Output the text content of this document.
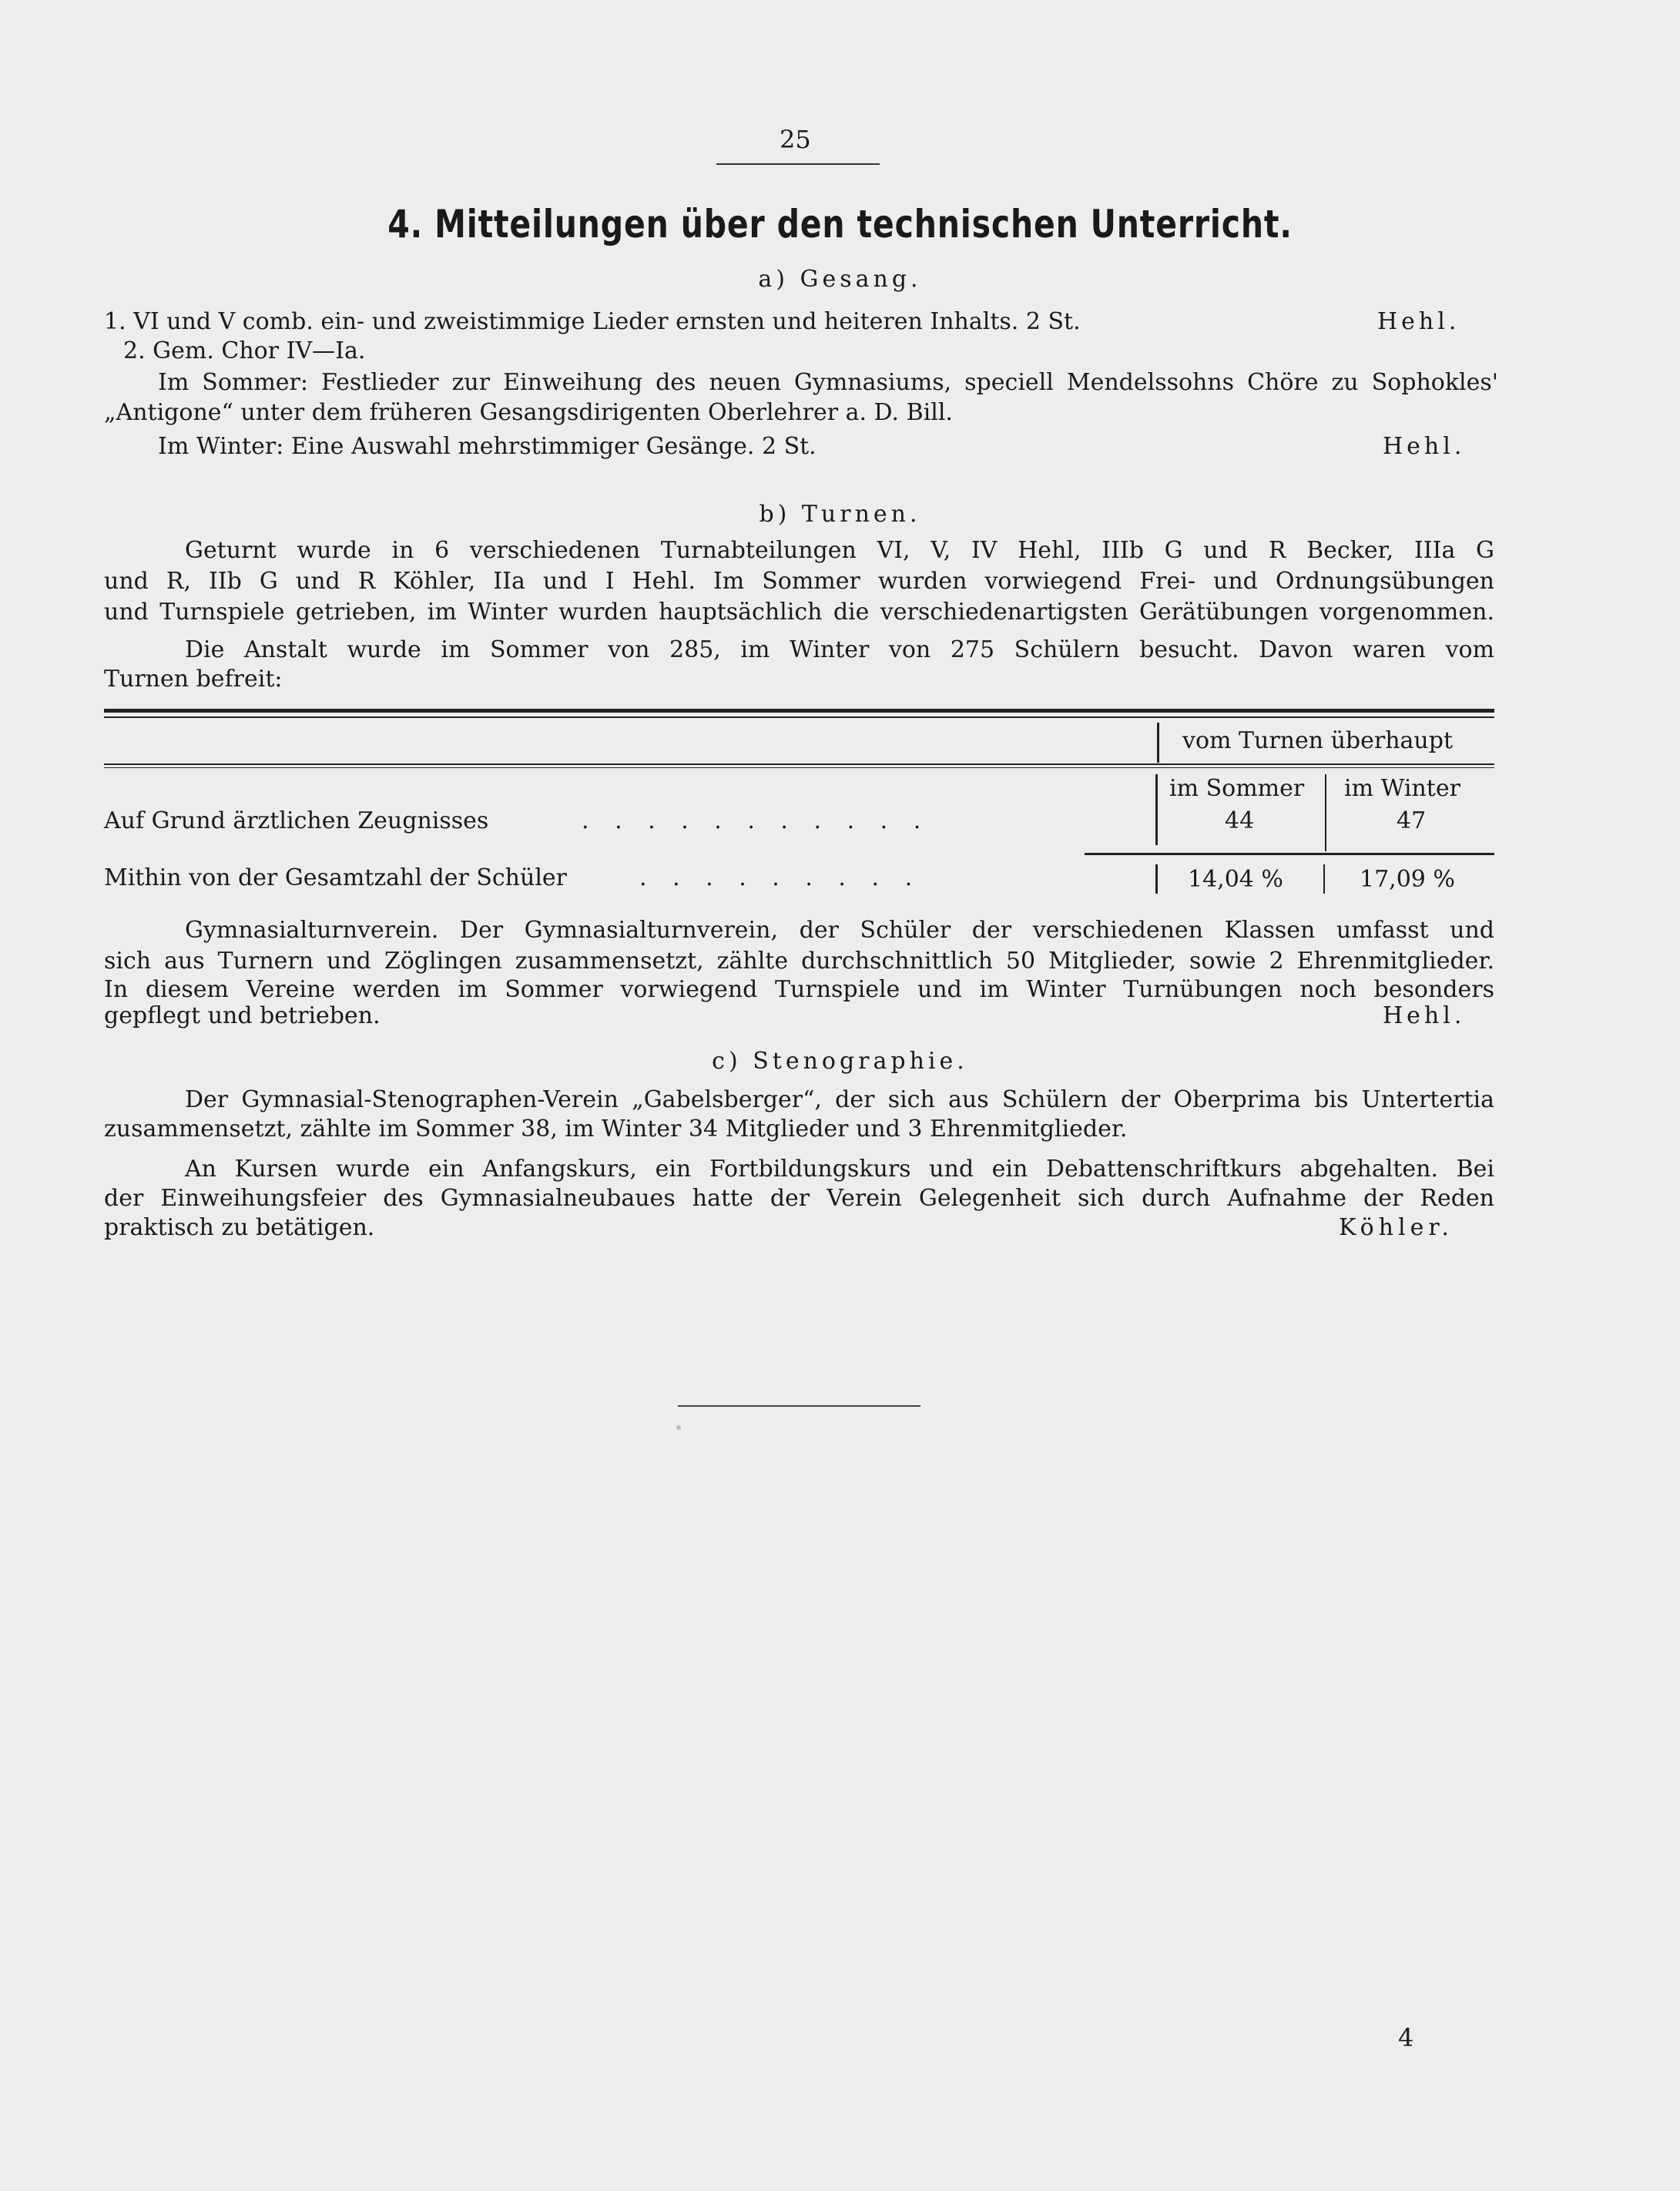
25
4. Mitteilungen über den technischen Unterricht.
a) Gesang.
1. VI und V comb. ein- und zweistimmige Lieder ernsten und heiteren Inhalts. 2 St.	Hehl.
2. Gem. Chor IV—Ia.
Im Sommer: Festlieder zur Einweihung des neuen Gymnasiums, speciell Mendelssohns Chöre zu Sophokles'
„Antigone“ unter dem früheren Gesangsdirigenten Oberlehrer a. D. Bill.
Im Winter: Eine Auswahl mehrstimmiger Gesänge. 2 St.	Hehl.
b) Turnen.
Geturnt wurde in 6 verschiedenen Turnabteilungen VI, V, IV Hehl, IIIb G und R Becker, IIIa G
und R, IIb G und R Köhler, IIa und I Hehl. Im Sommer wurden vorwiegend Frei- und Ordnungsübungen
und Turnspiele getrieben, im Winter wurden hauptsächlich die verschiedenartigsten Gerätübungen vorgenommen.
Die Anstalt wurde im Sommer von 285, im Winter von 275 Schülern besucht. Davon waren vom
Turnen befreit:
vom Turnen überhaupt
im Sommer im Winter
Auf Grund ärztlichen Zeugnisses	. . . . . . . . . . .	44	47
Mithin von der Gesamtzahl der Schüler	. . . . . . . . .	14,04 %	17,09 %
Gymnasialturnverein. Der Gymnasialturnverein, der Schüler der verschiedenen Klassen umfasst und
sich aus Turnern und Zöglingen zusammensetzt, zählte durchschnittlich 50 Mitglieder, sowie 2 Ehrenmitglieder.
In diesem Vereine werden im Sommer vorwiegend Turnspiele und im Winter Turnübungen noch besonders
gepflegt und betrieben.	Hehl.
c) Stenographie.
Der Gymnasial-Stenographen-Verein „Gabelsberger“, der sich aus Schülern der Oberprima bis Untertertia
zusammensetzt, zählte im Sommer 38, im Winter 34 Mitglieder und 3 Ehrenmitglieder.
An Kursen wurde ein Anfangskurs, ein Fortbildungskurs und ein Debattenschriftkurs abgehalten. Bei
der Einweihungsfeier des Gymnasialneubaues hatte der Verein Gelegenheit sich durch Aufnahme der Reden
praktisch zu betätigen.	Köhler.
4
